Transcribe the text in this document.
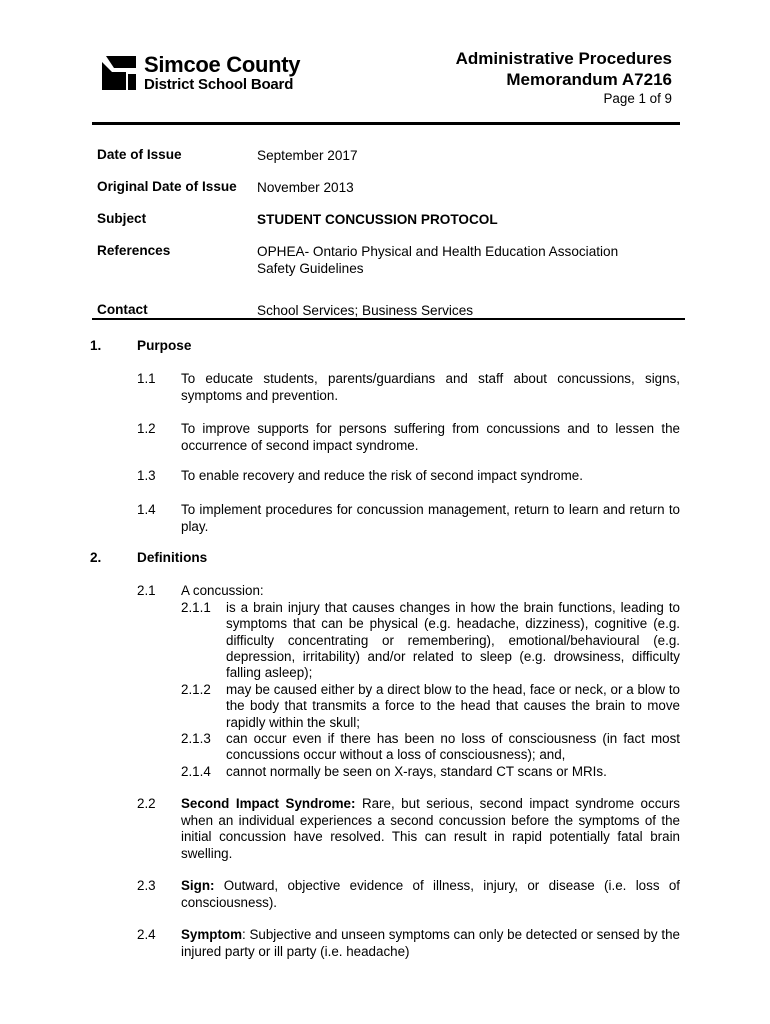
Simcoe County
District School Board
Administrative Procedures
Memorandum A7216
Page 1 of 9
Date of Issue	September 2017
Original Date of Issue November 2013
Subject	STUDENT CONCUSSION PROTOCOL
References	OPHEA- Ontario Physical and Health Education Association
Safety Guidelines
Contact	School Services; Business Services
1.	Purpose
1.1 To educate students, parents/guardians and staff about concussions, signs, symptoms and prevention.
1.2 To improve supports for persons suffering from concussions and to lessen the occurrence of second impact syndrome.
1.3 To enable recovery and reduce the risk of second impact syndrome.
1.4 To implement procedures for concussion management, return to learn and return to play.
2.	Definitions
2.1 A concussion:
2.1.1 is a brain injury that causes changes in how the brain functions, leading to symptoms that can be physical (e.g. headache, dizziness), cognitive (e.g. difficulty concentrating or remembering), emotional/behavioural (e.g. depression, irritability) and/or related to sleep (e.g. drowsiness, difficulty falling asleep);
2.1.2 may be caused either by a direct blow to the head, face or neck, or a blow to the body that transmits a force to the head that causes the brain to move rapidly within the skull;
2.1.3 can occur even if there has been no loss of consciousness (in fact most concussions occur without a loss of consciousness); and,
2.1.4 cannot normally be seen on X-rays, standard CT scans or MRIs.
2.2 Second Impact Syndrome: Rare, but serious, second impact syndrome occurs when an individual experiences a second concussion before the symptoms of the initial concussion have resolved. This can result in rapid potentially fatal brain swelling.
2.3 Sign: Outward, objective evidence of illness, injury, or disease (i.e. loss of consciousness).
2.4 Symptom: Subjective and unseen symptoms can only be detected or sensed by the injured party or ill party (i.e. headache)
